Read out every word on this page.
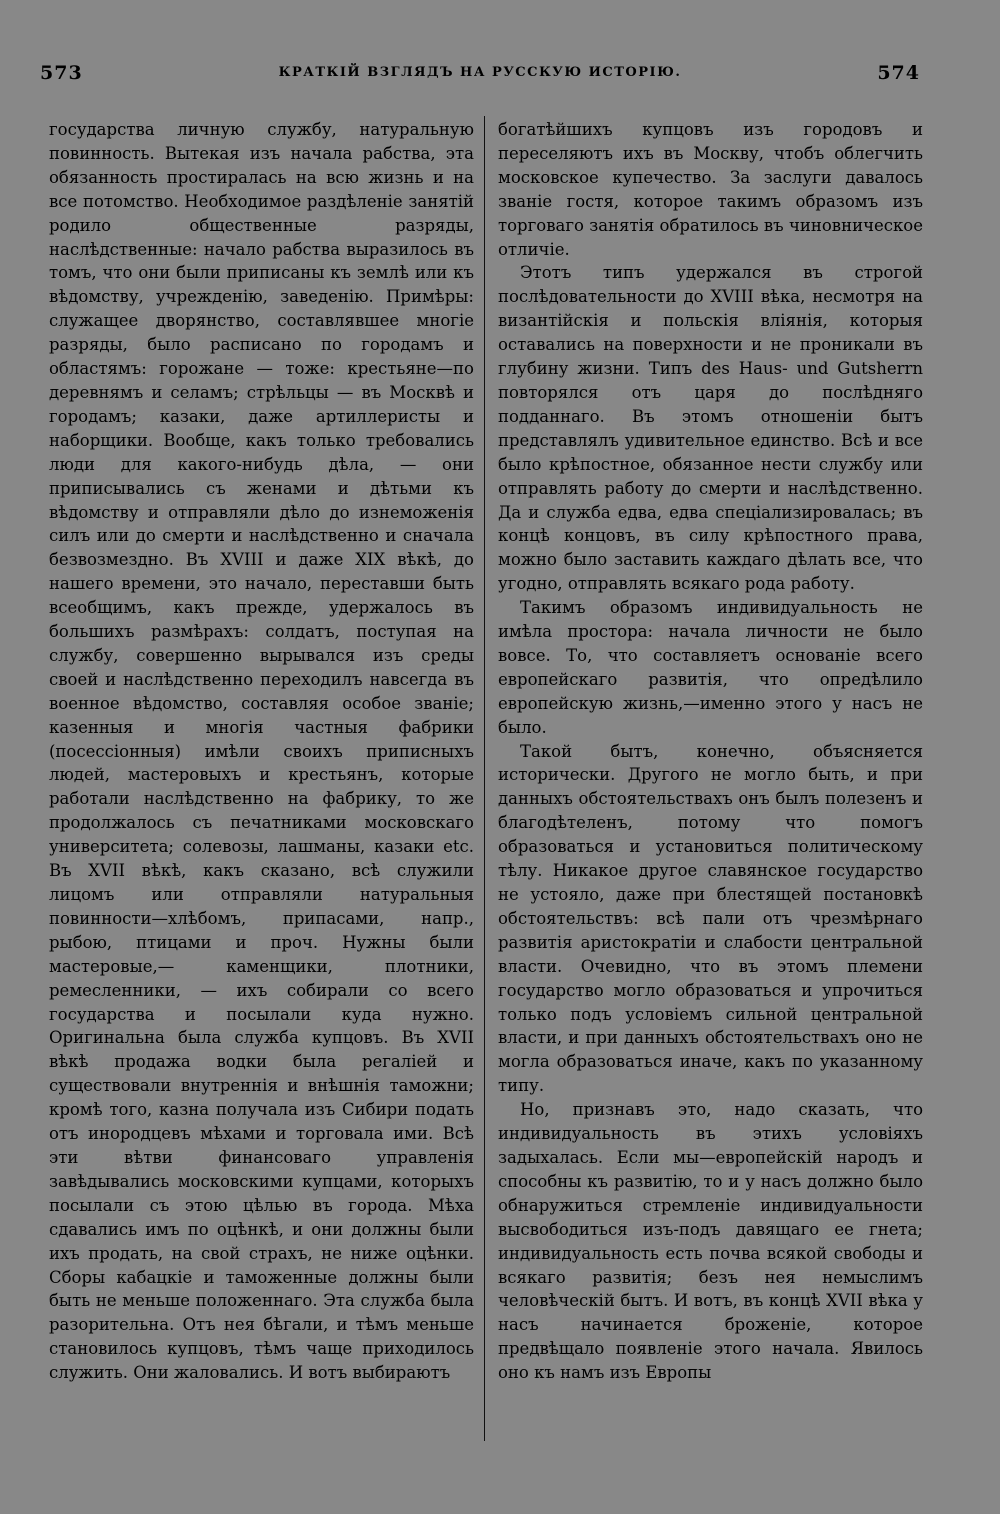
573	КРАТКІЙ ВЗГЛЯДЪ НА РУССКУЮ ИСТОРІЮ.	574

государства личную службу, натуральную повинность. Вытекая изъ начала рабства, эта обязанность простиралась на всю жизнь и на все потомство. Необходимое раздѣленіе занятій родило общественные разряды, наслѣдственные: начало рабства выразилось въ томъ, что они были приписаны къ землѣ или къ вѣдомству, учрежденію, заведенію. Примѣры: служащее дворянство, составлявшее многіе разряды, было расписано по городамъ и областямъ: горожане — тоже: крестьяне—по деревнямъ и селамъ; стрѣльцы — въ Москвѣ и городамъ; казаки, даже артиллеристы и наборщики. Вообще, какъ только требовались люди для какого-нибудь дѣла, — они приписывались съ женами и дѣтьми къ вѣдомству и отправляли дѣло до изнеможенія силъ или до смерти и наслѣдственно и сначала безвозмездно. Въ XVIII и даже XIX вѣкѣ, до нашего времени, это начало, переставши быть всеобщимъ, какъ прежде, удержалось въ большихъ размѣрахъ: солдатъ, поступая на службу, совершенно вырывался изъ среды своей и наслѣдственно переходилъ навсегда въ военное вѣдомство, составляя особое званіе; казенныя и многія частныя фабрики (посессіонныя) имѣли своихъ приписныхъ людей, мастеровыхъ и крестьянъ, которые работали наслѣдственно на фабрику, то же продолжалось съ печатниками московскаго университета; солевозы, лашманы, казаки etc. Въ XVII вѣкѣ, какъ сказано, всѣ служили лицомъ или отправляли натуральныя повинности—хлѣбомъ, припасами, напр., рыбою, птицами и проч. Нужны были мастеровые,— каменщики, плотники, ремесленники, — ихъ собирали со всего государства и посылали куда нужно. Оригинальна была служба купцовъ. Въ XVII вѣкѣ продажа водки была регаліей и существовали внутреннія и внѣшнія таможни; кромѣ того, казна получала изъ Сибири подать отъ инородцевъ мѣхами и торговала ими. Всѣ эти вѣтви финансоваго управленія завѣдывались московскими купцами, которыхъ посылали съ этою цѣлью въ города. Мѣха сдавались имъ по оцѣнкѣ, и они должны были ихъ продать, на свой страхъ, не ниже оцѣнки. Сборы кабацкіе и таможенные должны были быть не меньше положеннаго. Эта служба была разорительна. Отъ нея бѣгали, и тѣмъ меньше становилось купцовъ, тѣмъ чаще приходилось служить. Они жаловались. И вотъ выбираютъ

богатѣйшихъ купцовъ изъ городовъ и переселяютъ ихъ въ Москву, чтобъ облегчить московское купечество. За заслуги давалось званіе гостя, которое такимъ образомъ изъ торговаго занятія обратилось въ чиновническое отличіе.

Этотъ типъ удержался въ строгой послѣдовательности до XVIII вѣка, несмотря на византійскія и польскія вліянія, которыя оставались на поверхности и не проникали въ глубину жизни. Типъ des Haus- und Gutsherrn повторялся отъ царя до послѣдняго подданнаго. Въ этомъ отношеніи бытъ представлялъ удивительное единство. Всѣ и все было крѣпостное, обязанное нести службу или отправлять работу до смерти и наслѣдственно. Да и служба едва, едва спеціализировалась; въ концѣ концовъ, въ силу крѣпостного права, можно было заставить каждаго дѣлать все, что угодно, отправлять всякаго рода работу.

Такимъ образомъ индивидуальность не имѣла простора: начала личности не было вовсе. То, что составляетъ основаніе всего европейскаго развитія, что опредѣлило европейскую жизнь,—именно этого у насъ не было.

Такой бытъ, конечно, объясняется исторически. Другого не могло быть, и при данныхъ обстоятельствахъ онъ былъ полезенъ и благодѣтеленъ, потому что помогъ образоваться и установиться политическому тѣлу. Никакое другое славянское государство не устояло, даже при блестящей постановкѣ обстоятельствъ: всѣ пали отъ чрезмѣрнаго развитія аристократіи и слабости центральной власти. Очевидно, что въ этомъ племени государство могло образоваться и упрочиться только подъ условіемъ сильной центральной власти, и при данныхъ обстоятельствахъ оно не могла образоваться иначе, какъ по указанному типу.

Но, признавъ это, надо сказать, что индивидуальность въ этихъ условіяхъ задыхалась. Если мы—европейскій народъ и способны къ развитію, то и у насъ должно было обнаружиться стремленіе индивидуальности высвободиться изъ-подъ давящаго ее гнета; индивидуальность есть почва всякой свободы и всякаго развитія; безъ нея немыслимъ человѣческій бытъ. И вотъ, въ концѣ XVII вѣка у насъ начинается броженіе, которое предвѣщало появленіе этого начала. Явилось оно къ намъ изъ Европы
